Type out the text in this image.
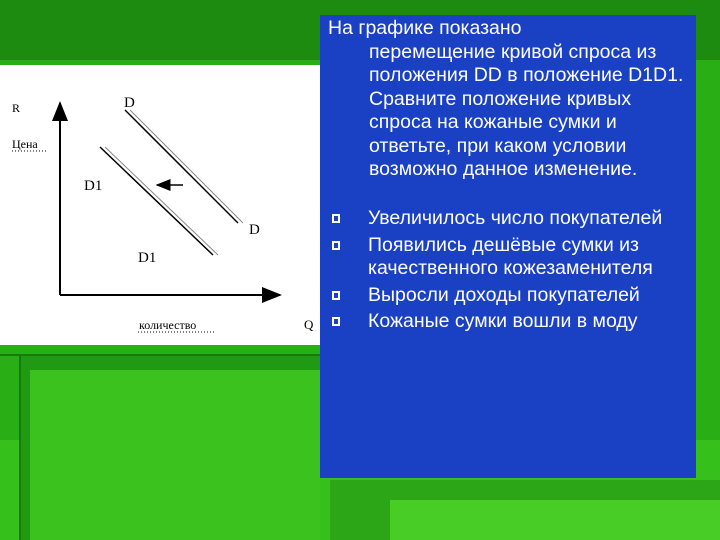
R
Цена
D
D1
D
D1
количество	Q
На графике показано
перемещение кривой спроса из положения DD в положение D1D1. Сравните положение кривых спроса на кожаные сумки и ответьте, при каком условии возможно данное изменение.
Увеличилось число покупателей
Появились дешёвые сумки из качественного кожезаменителя
Выросли доходы покупателей
Кожаные сумки вошли в моду
